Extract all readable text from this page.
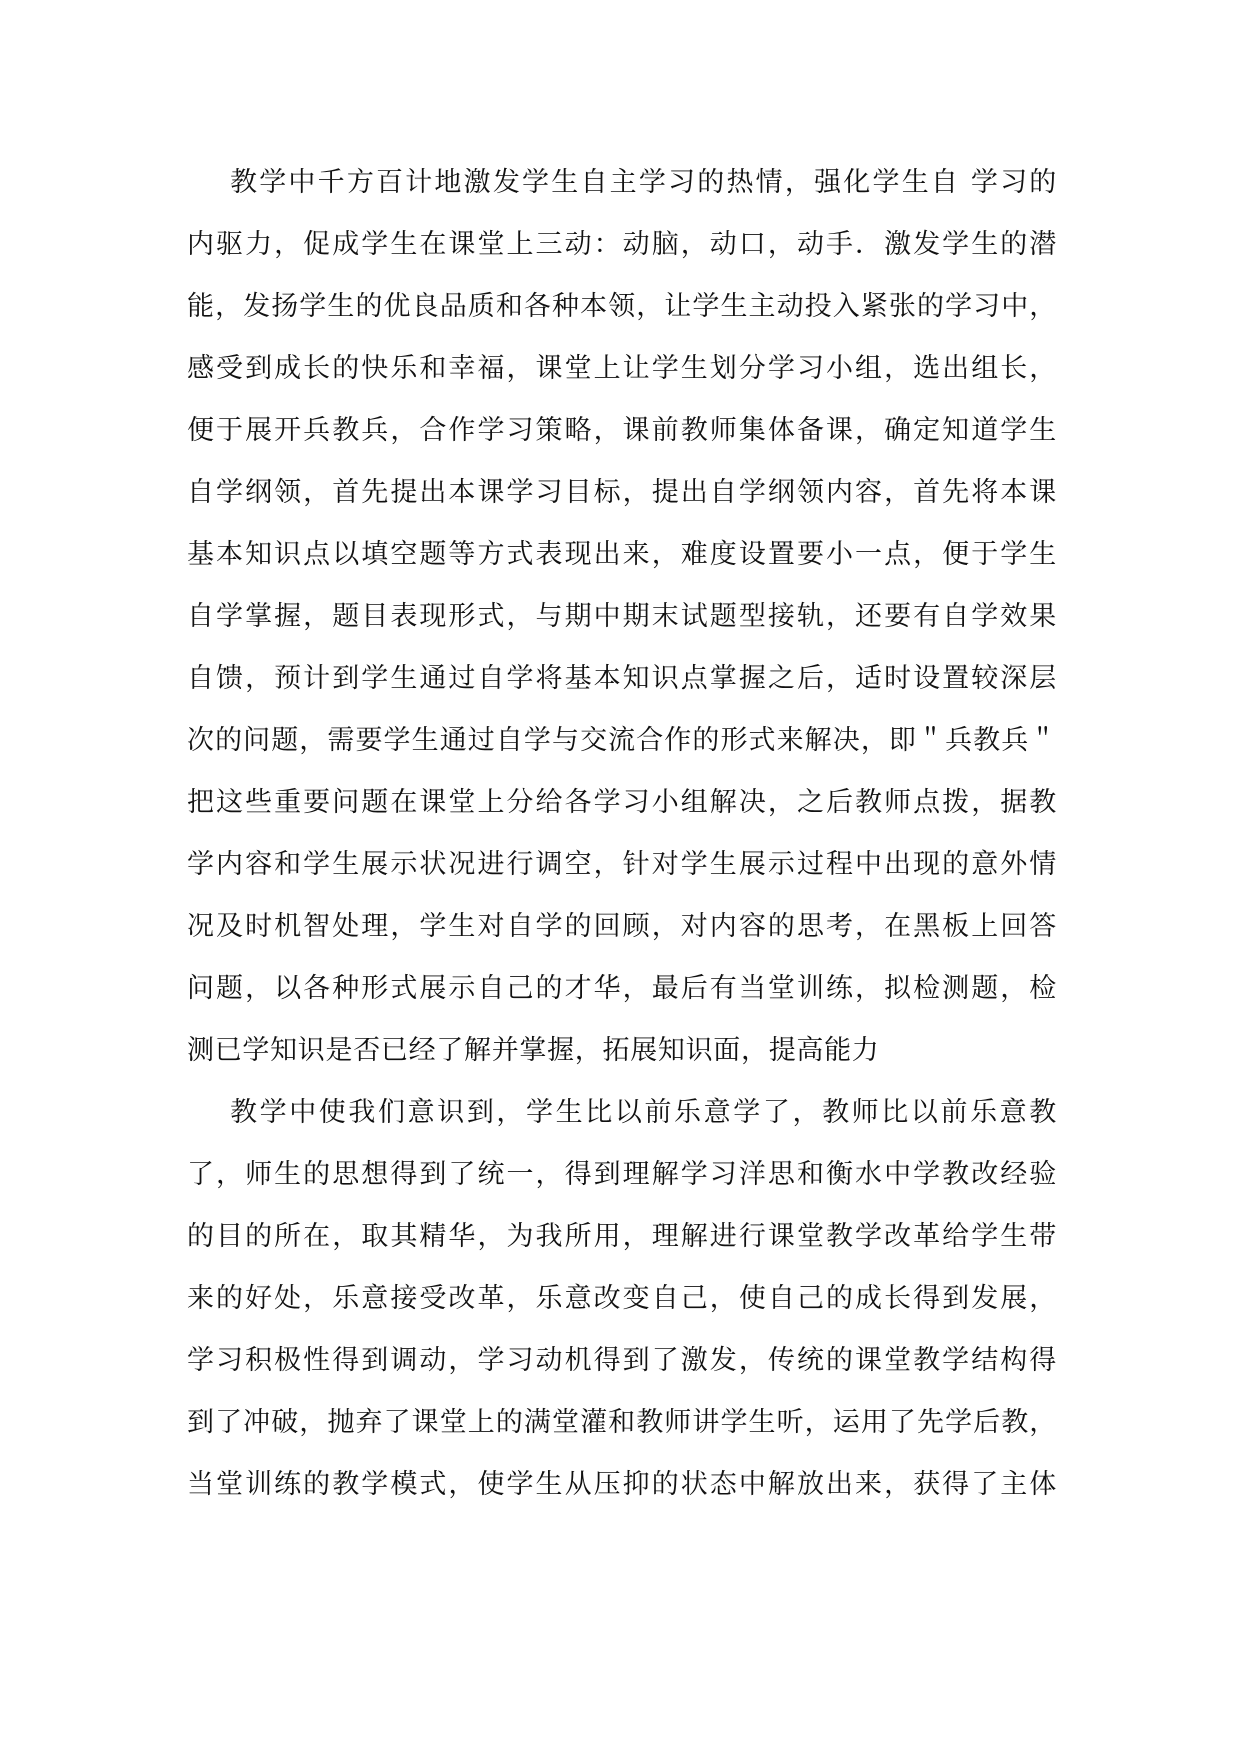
教学中千方百计地激发学生自主学习的热情，强化学生自 学习的
内驱力，促成学生在课堂上三动：动脑，动口，动手．激发学生的潜
能，发扬学生的优良品质和各种本领，让学生主动投入紧张的学习中，
感受到成长的快乐和幸福，课堂上让学生划分学习小组，选出组长，
便于展开兵教兵，合作学习策略，课前教师集体备课，确定知道学生
自学纲领，首先提出本课学习目标，提出自学纲领内容，首先将本课
基本知识点以填空题等方式表现出来，难度设置要小一点，便于学生
自学掌握，题目表现形式，与期中期末试题型接轨，还要有自学效果
自馈，预计到学生通过自学将基本知识点掌握之后，适时设置较深层
次的问题，需要学生通过自学与交流合作的形式来解决，即＂兵教兵＂
把这些重要问题在课堂上分给各学习小组解决，之后教师点拨，据教
学内容和学生展示状况进行调空，针对学生展示过程中出现的意外情
况及时机智处理，学生对自学的回顾，对内容的思考，在黑板上回答
问题，以各种形式展示自己的才华，最后有当堂训练，拟检测题，检
测已学知识是否已经了解并掌握，拓展知识面，提高能力
教学中使我们意识到，学生比以前乐意学了，教师比以前乐意教
了，师生的思想得到了统一，得到理解学习洋思和衡水中学教改经验
的目的所在，取其精华，为我所用，理解进行课堂教学改革给学生带
来的好处，乐意接受改革，乐意改变自己，使自己的成长得到发展，
学习积极性得到调动，学习动机得到了激发，传统的课堂教学结构得
到了冲破，抛弃了课堂上的满堂灌和教师讲学生听，运用了先学后教，
当堂训练的教学模式，使学生从压抑的状态中解放出来，获得了主体
